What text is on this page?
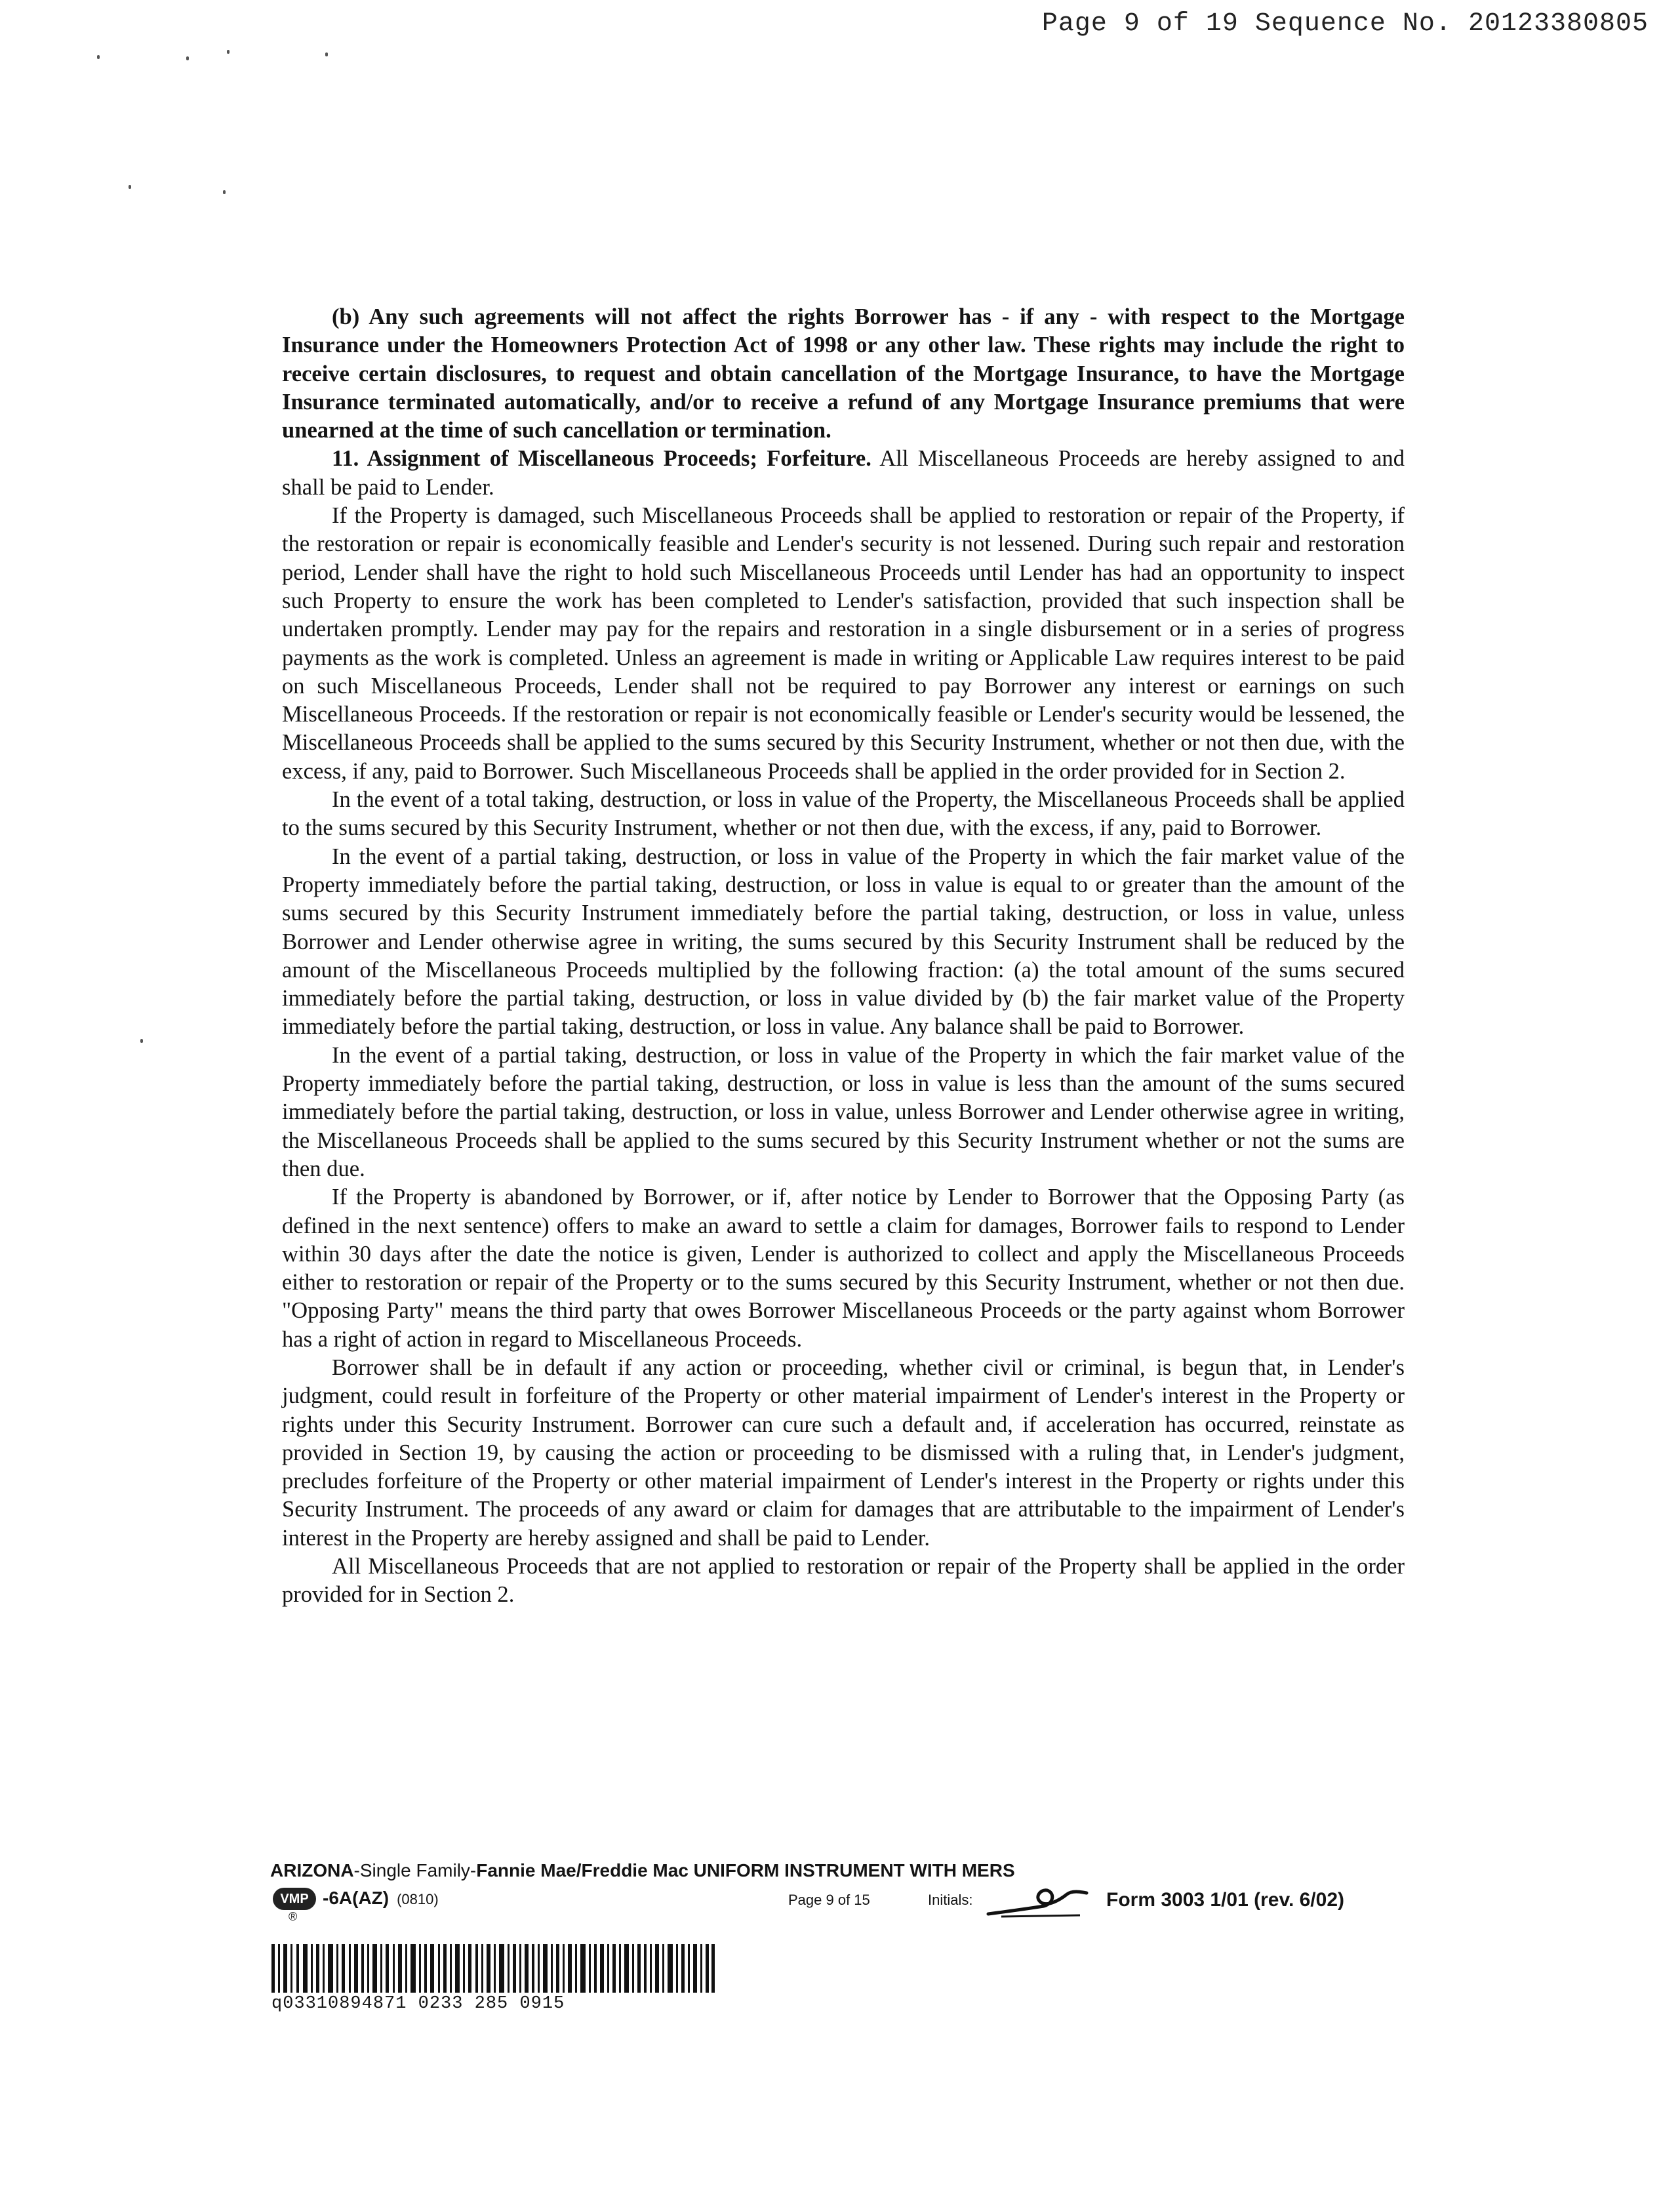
Page 9 of 19 Sequence No. 20123380805

(b) Any such agreements will not affect the rights Borrower has - if any - with respect to the Mortgage Insurance under the Homeowners Protection Act of 1998 or any other law. These rights may include the right to receive certain disclosures, to request and obtain cancellation of the Mortgage Insurance, to have the Mortgage Insurance terminated automatically, and/or to receive a refund of any Mortgage Insurance premiums that were unearned at the time of such cancellation or termination.

11. Assignment of Miscellaneous Proceeds; Forfeiture. All Miscellaneous Proceeds are hereby assigned to and shall be paid to Lender.

If the Property is damaged, such Miscellaneous Proceeds shall be applied to restoration or repair of the Property, if the restoration or repair is economically feasible and Lender's security is not lessened. During such repair and restoration period, Lender shall have the right to hold such Miscellaneous Proceeds until Lender has had an opportunity to inspect such Property to ensure the work has been completed to Lender's satisfaction, provided that such inspection shall be undertaken promptly. Lender may pay for the repairs and restoration in a single disbursement or in a series of progress payments as the work is completed. Unless an agreement is made in writing or Applicable Law requires interest to be paid on such Miscellaneous Proceeds, Lender shall not be required to pay Borrower any interest or earnings on such Miscellaneous Proceeds. If the restoration or repair is not economically feasible or Lender's security would be lessened, the Miscellaneous Proceeds shall be applied to the sums secured by this Security Instrument, whether or not then due, with the excess, if any, paid to Borrower. Such Miscellaneous Proceeds shall be applied in the order provided for in Section 2.

In the event of a total taking, destruction, or loss in value of the Property, the Miscellaneous Proceeds shall be applied to the sums secured by this Security Instrument, whether or not then due, with the excess, if any, paid to Borrower.

In the event of a partial taking, destruction, or loss in value of the Property in which the fair market value of the Property immediately before the partial taking, destruction, or loss in value is equal to or greater than the amount of the sums secured by this Security Instrument immediately before the partial taking, destruction, or loss in value, unless Borrower and Lender otherwise agree in writing, the sums secured by this Security Instrument shall be reduced by the amount of the Miscellaneous Proceeds multiplied by the following fraction: (a) the total amount of the sums secured immediately before the partial taking, destruction, or loss in value divided by (b) the fair market value of the Property immediately before the partial taking, destruction, or loss in value. Any balance shall be paid to Borrower.

In the event of a partial taking, destruction, or loss in value of the Property in which the fair market value of the Property immediately before the partial taking, destruction, or loss in value is less than the amount of the sums secured immediately before the partial taking, destruction, or loss in value, unless Borrower and Lender otherwise agree in writing, the Miscellaneous Proceeds shall be applied to the sums secured by this Security Instrument whether or not the sums are then due.

If the Property is abandoned by Borrower, or if, after notice by Lender to Borrower that the Opposing Party (as defined in the next sentence) offers to make an award to settle a claim for damages, Borrower fails to respond to Lender within 30 days after the date the notice is given, Lender is authorized to collect and apply the Miscellaneous Proceeds either to restoration or repair of the Property or to the sums secured by this Security Instrument, whether or not then due. "Opposing Party" means the third party that owes Borrower Miscellaneous Proceeds or the party against whom Borrower has a right of action in regard to Miscellaneous Proceeds.

Borrower shall be in default if any action or proceeding, whether civil or criminal, is begun that, in Lender's judgment, could result in forfeiture of the Property or other material impairment of Lender's interest in the Property or rights under this Security Instrument. Borrower can cure such a default and, if acceleration has occurred, reinstate as provided in Section 19, by causing the action or proceeding to be dismissed with a ruling that, in Lender's judgment, precludes forfeiture of the Property or other material impairment of Lender's interest in the Property or rights under this Security Instrument. The proceeds of any award or claim for damages that are attributable to the impairment of Lender's interest in the Property are hereby assigned and shall be paid to Lender.

All Miscellaneous Proceeds that are not applied to restoration or repair of the Property shall be applied in the order provided for in Section 2.

ARIZONA-Single Family-Fannie Mae/Freddie Mac UNIFORM INSTRUMENT WITH MERS
VMP
®
-6A(AZ) (0810)	Page 9 of 15	Initials:	Form 3003 1/01 (rev. 6/02)
q03310894871 0233 285 0915
